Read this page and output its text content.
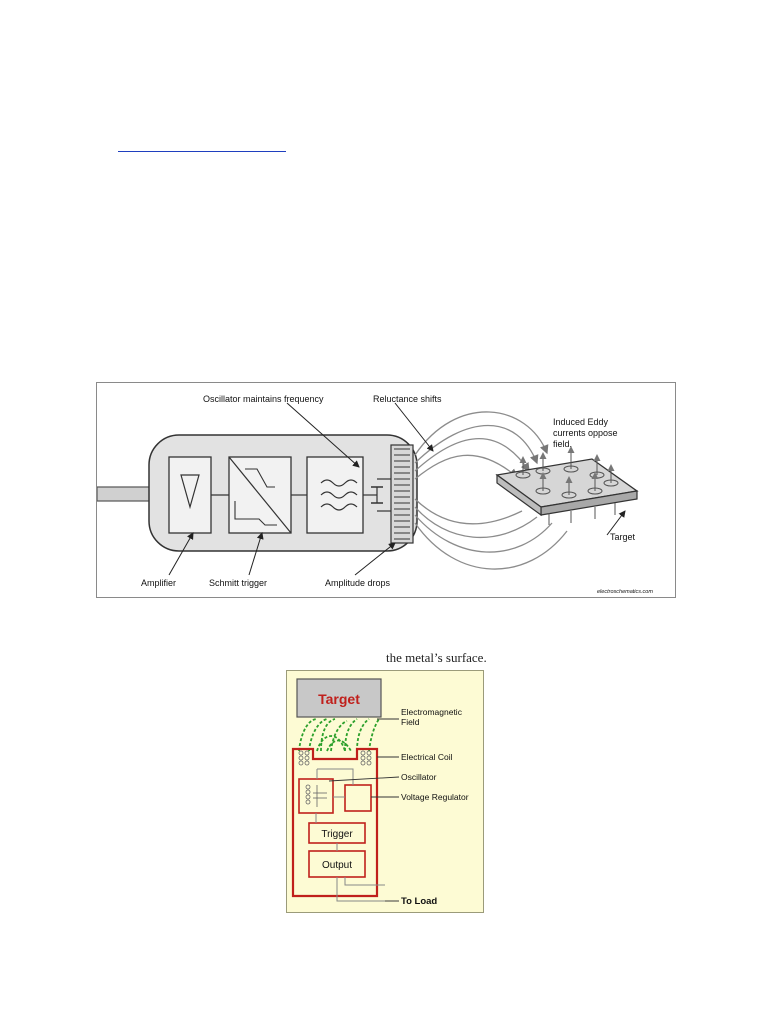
Oscillator maintains frequency	Reluctance shifts
Induced Eddy
currents oppose
field.
Target
Amplifier	Schmitt trigger	Amplitude drops
electroschematics.com
the metal’s surface.
Target
Trigger
Output
Electromagnetic
Field
Electrical Coil
Oscillator
Voltage Regulator
To Load
